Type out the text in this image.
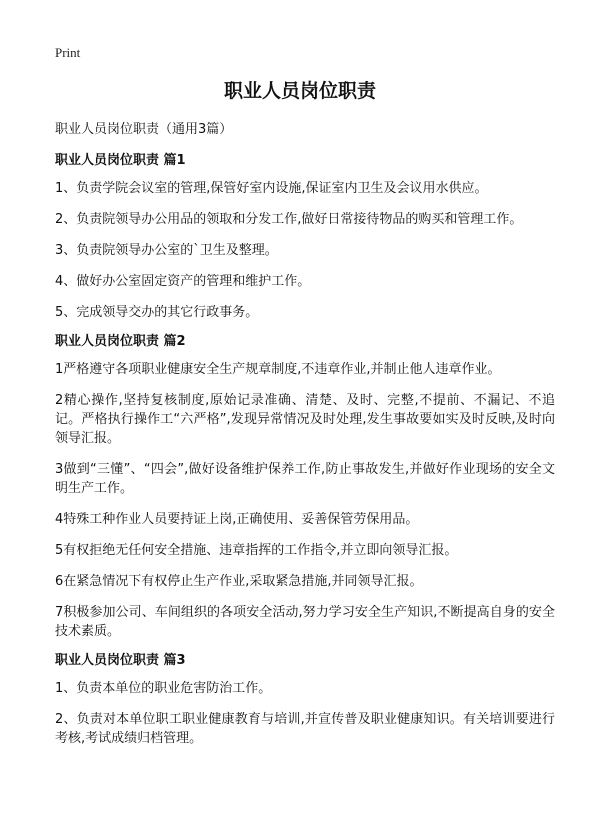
Print
职业人员岗位职责

职业人员岗位职责（通用3篇）

职业人员岗位职责 篇1

1、负责学院会议室的管理,保管好室内设施,保证室内卫生及会议用水供应。

2、负责院领导办公用品的领取和分发工作,做好日常接待物品的购买和管理工作。

3、负责院领导办公室的`卫生及整理。

4、做好办公室固定资产的管理和维护工作。

5、完成领导交办的其它行政事务。

职业人员岗位职责 篇2

1严格遵守各项职业健康安全生产规章制度,不违章作业,并制止他人违章作业。

2精心操作,坚持复核制度,原始记录准确、清楚、及时、完整,不提前、不漏记、不追记。严格执行操作工“六严格”,发现异常情况及时处理,发生事故要如实及时反映,及时向领导汇报。

3做到“三懂”、“四会”,做好设备维护保养工作,防止事故发生,并做好作业现场的安全文明生产工作。

4特殊工种作业人员要持证上岗,正确使用、妥善保管劳保用品。

5有权拒绝无任何安全措施、违章指挥的工作指令,并立即向领导汇报。

6在紧急情况下有权停止生产作业,采取紧急措施,并同领导汇报。

7积极参加公司、车间组织的各项安全活动,努力学习安全生产知识,不断提高自身的安全技术素质。

职业人员岗位职责 篇3

1、负责本单位的职业危害防治工作。

2、负责对本单位职工职业健康教育与培训,并宣传普及职业健康知识。有关培训要进行考核,考试成绩归档管理。
